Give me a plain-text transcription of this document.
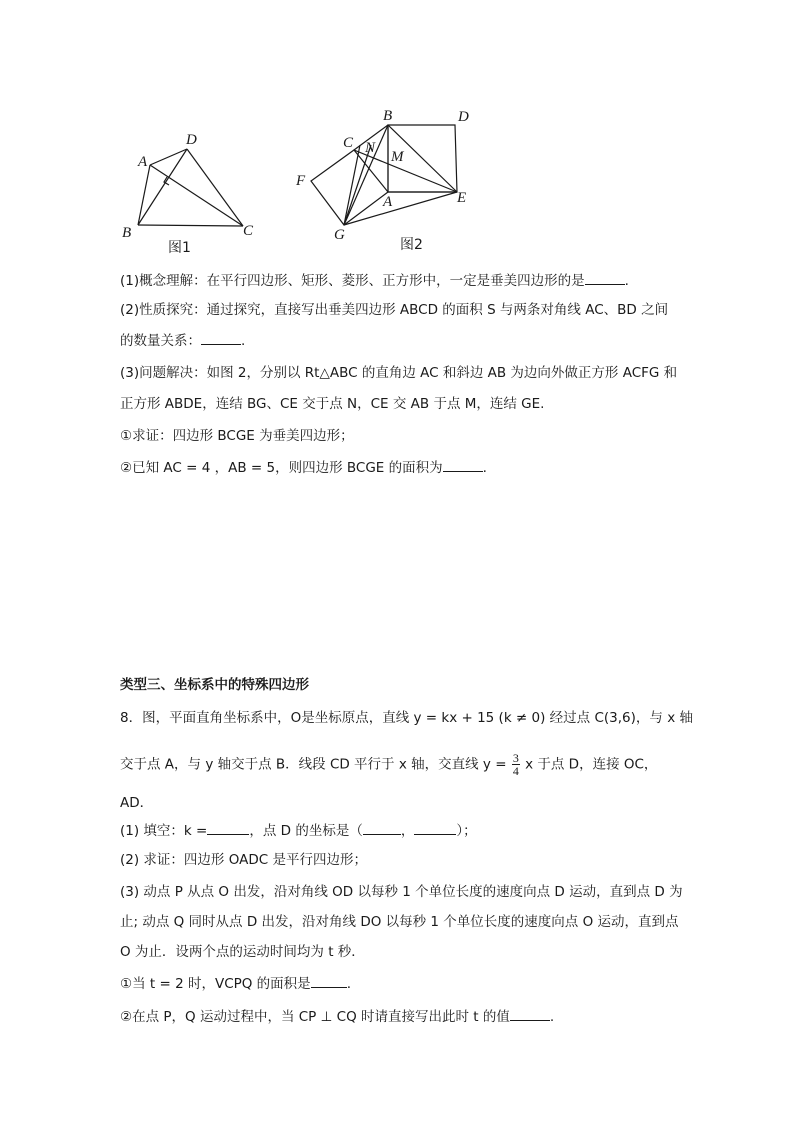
A
B	C
D
图1
B	D
C N
M
F
A	E
G
图2
(1)概念理解：在平行四边形、矩形、菱形、正方形中，一定是垂美四边形的是	.
(2)性质探究：通过探究，直接写出垂美四边形 ABCD 的面积 S 与两条对角线 AC、BD 之间
的数量关系：	.
(3)问题解决：如图 2，分别以 Rt△ABC 的直角边 AC 和斜边 AB 为边向外做正方形 ACFG 和
正方形 ABDE，连结 BG、CE 交于点 N，CE 交 AB 于点 M，连结 GE.
①求证：四边形 BCGE 为垂美四边形；
②已知 AC = 4 ，AB = 5，则四边形 BCGE 的面积为	.
类型三、坐标系中的特殊四边形
8．图，平面直角坐标系中，O是坐标原点，直线 y = kx + 15 (k ≠ 0) 经过点 C(3,6)，与 x 轴
交于点 A，与 y 轴交于点 B．线段 CD 平行于 x 轴，交直线 $y = \frac{3}{4}$ x 于点 D，连接 OC，
AD．
(1) 填空：k =	，点 D 的坐标是（	，	）；
(2) 求证：四边形 OADC 是平行四边形；
(3) 动点 P 从点 O 出发，沿对角线 OD 以每秒 1 个单位长度的速度向点 D 运动，直到点 D 为
止; 动点 Q 同时从点 D 出发，沿对角线 DO 以每秒 1 个单位长度的速度向点 O 运动，直到点
O 为止．设两个点的运动时间均为 t 秒．
①当 t = 2 时，VCPQ 的面积是	.
②在点 P，Q 运动过程中，当 CP ⊥ CQ 时请直接写出此时 t 的值	.
